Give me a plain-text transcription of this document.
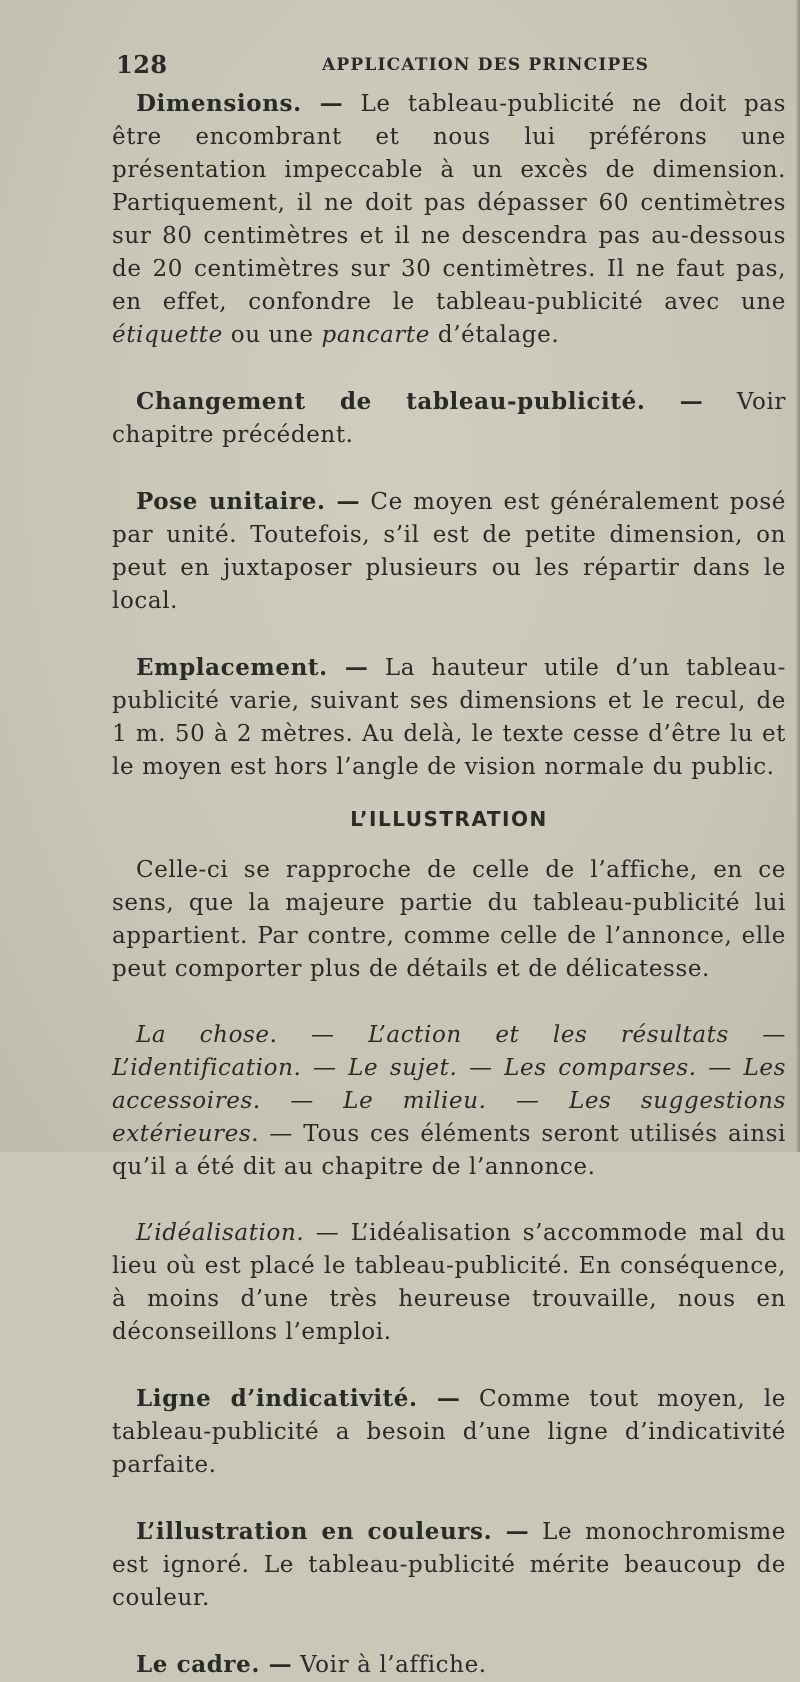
128	APPLICATION DES PRINCIPES

Dimensions. — Le tableau-publicité ne doit pas être encombrant et nous lui préférons une présentation impeccable à un excès de dimension. Partiquement, il ne doit pas dépasser 60 centimètres sur 80 centimètres et il ne descendra pas au-dessous de 20 centimètres sur 30 centimètres. Il ne faut pas, en effet, confondre le tableau-publicité avec une étiquette ou une pancarte d’étalage.

Changement de tableau-publicité. — Voir chapitre précédent.

Pose unitaire. — Ce moyen est généralement posé par unité. Toutefois, s’il est de petite dimension, on peut en juxtaposer plusieurs ou les répartir dans le local.

Emplacement. — La hauteur utile d’un tableau-publicité varie, suivant ses dimensions et le recul, de 1 m. 50 à 2 mètres. Au delà, le texte cesse d’être lu et le moyen est hors l’angle de vision normale du public.

L’ILLUSTRATION

Celle-ci se rapproche de celle de l’affiche, en ce sens, que la majeure partie du tableau-publicité lui appartient. Par contre, comme celle de l’annonce, elle peut comporter plus de détails et de délicatesse.

La chose. — L’action et les résultats — L’identification. — Le sujet. — Les comparses. — Les accessoires. — Le milieu. — Les suggestions extérieures. — Tous ces éléments seront utilisés ainsi qu’il a été dit au chapitre de l’annonce.

L’idéalisation. — L’idéalisation s’accommode mal du lieu où est placé le tableau-publicité. En conséquence, à moins d’une très heureuse trouvaille, nous en déconseillons l’emploi.

Ligne d’indicativité. — Comme tout moyen, le tableau-publicité a besoin d’une ligne d’indicativité parfaite.

L’illustration en couleurs. — Le monochromisme est ignoré. Le tableau-publicité mérite beaucoup de couleur.

Le cadre. — Voir à l’affiche.
